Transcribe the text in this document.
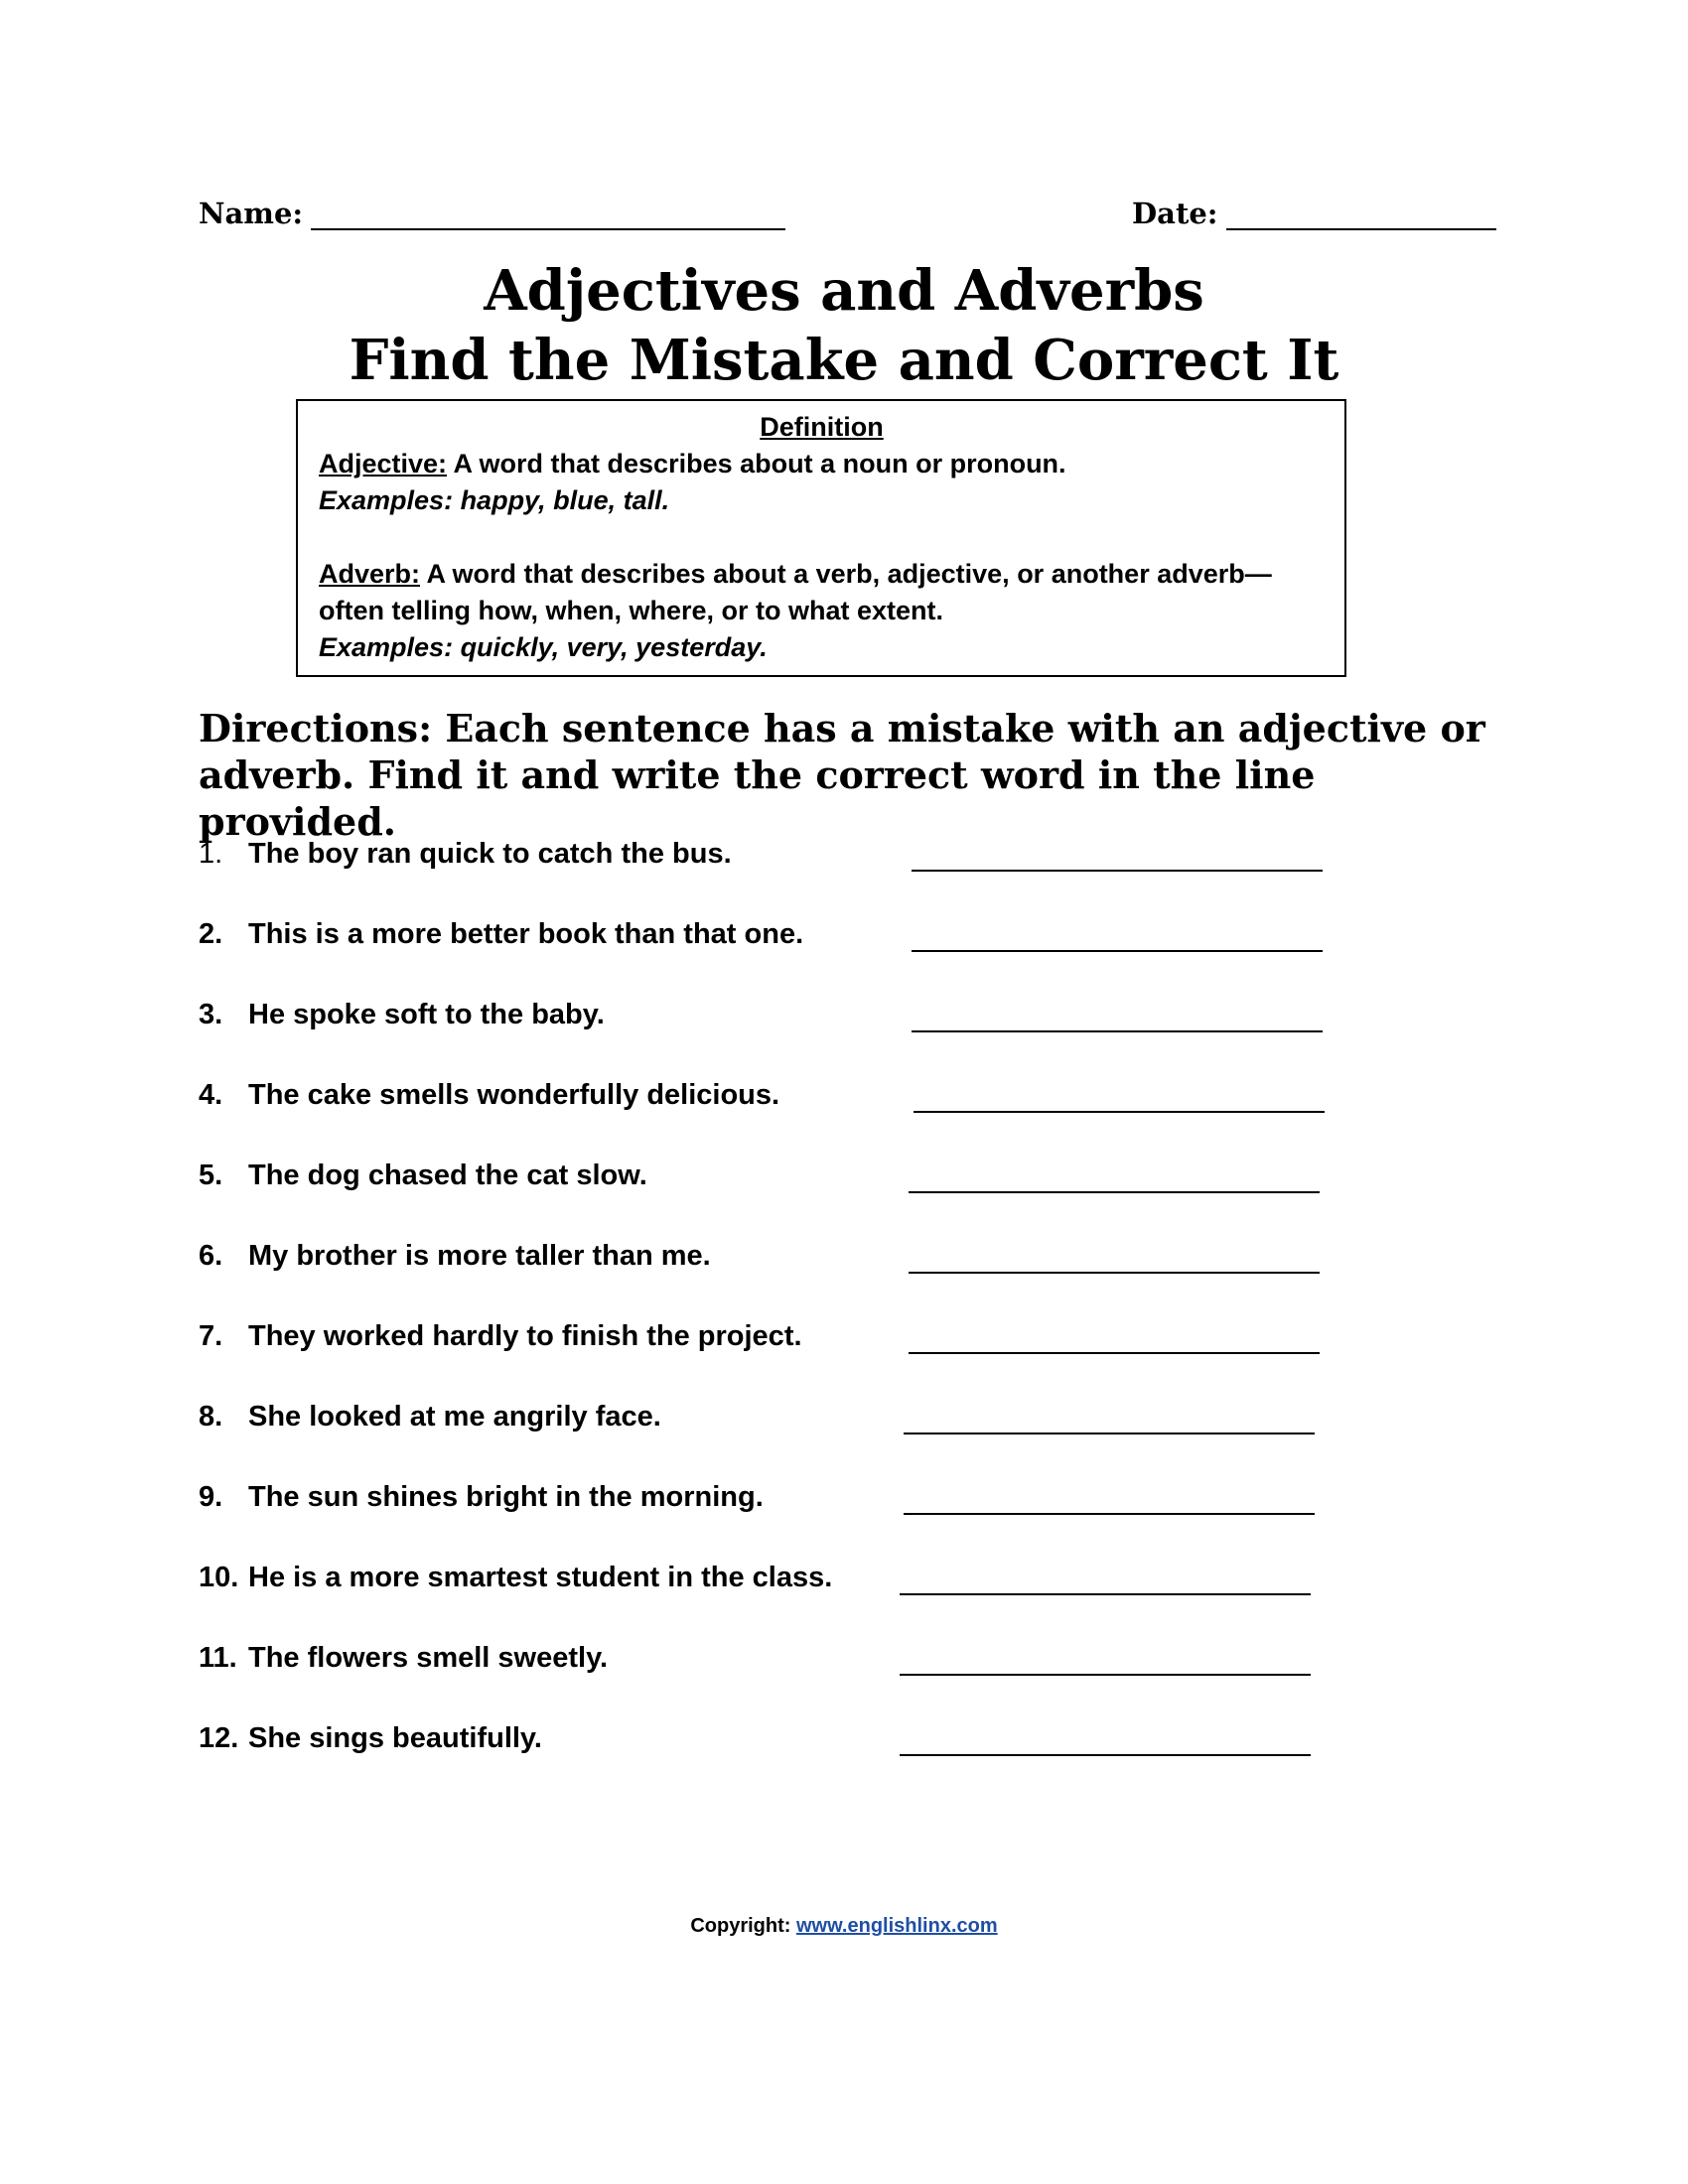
Name:	Date:
Adjectives and Adverbs
Find the Mistake and Correct It
Definition
Adjective: A word that describes about a noun or pronoun.
Examples: happy, blue, tall.
Adverb: A word that describes about a verb, adjective, or another adverb—often telling how, when, where, or to what extent.
Examples: quickly, very, yesterday.

Directions: Each sentence has a mistake with an adjective or adverb. Find it and write the correct word in the line provided.

1. The boy ran quick to catch the bus.
2. This is a more better book than that one.
3. He spoke soft to the baby.
4. The cake smells wonderfully delicious.
5. The dog chased the cat slow.
6. My brother is more taller than me.
7. They worked hardly to finish the project.
8. She looked at me angrily face.
9. The sun shines bright in the morning.
10. He is a more smartest student in the class.
11. The flowers smell sweetly.
12. She sings beautifully.
Copyright: www.englishlinx.com
